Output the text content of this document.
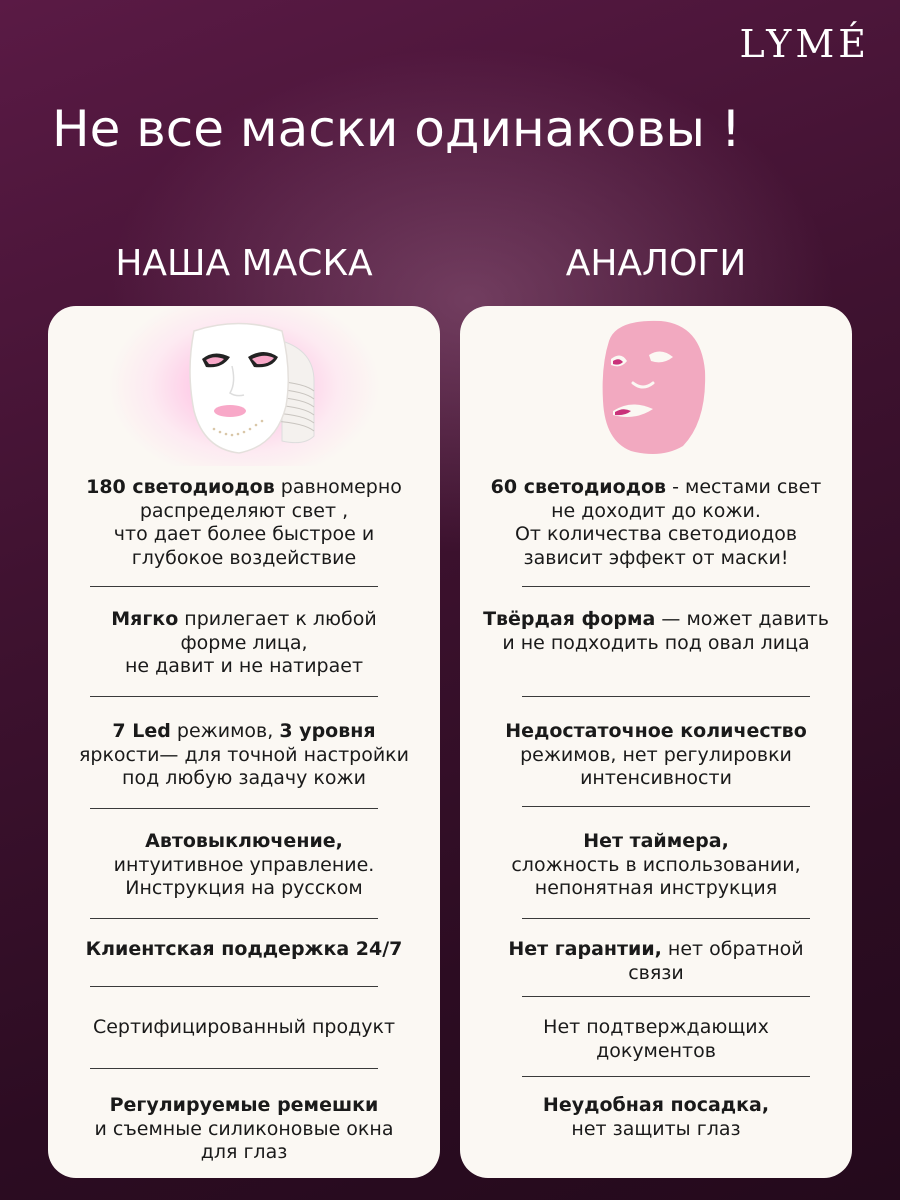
LYMÉ
Не все маски одинаковы !
НАША МАСКА	АНАЛОГИ
180 светодиодов равномерно
распределяют свет ,
что дает более быстрое и
глубокое воздействие
Мягко прилегает к любой
форме лица,
не давит и не натирает
7 Led режимов, 3 уровня
яркости— для точной настройки
под любую задачу кожи
Автовыключение,
интуитивное управление.
Инструкция на русском
Клиентская поддержка 24/7
Сертифицированный продукт
Регулируемые ремешки
и съемные силиконовые окна
для глаз
60 светодиодов - местами свет
не доходит до кожи.
От количества светодиодов
зависит эффект от маски!
Твёрдая форма — может давить
и не подходить под овал лица
Недостаточное количество
режимов, нет регулировки
интенсивности
Нет таймера,
сложность в использовании,
непонятная инструкция
Нет гарантии, нет обратной
связи
Нет подтверждающих
документов
Неудобная посадка,
нет защиты глаз
